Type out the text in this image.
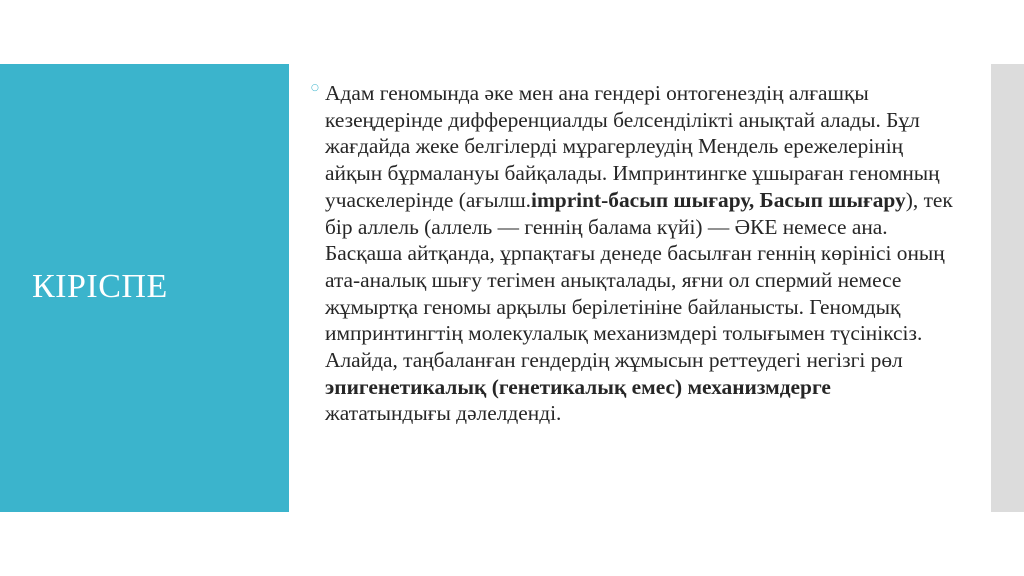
КІРІСПЕ
○ Адам геномында әке мен ана гендері онтогенездің алғашқы кезеңдерінде дифференциалды белсенділікті анықтай алады. Бұл жағдайда жеке белгілерді мұрагерлеудің Мендель ережелерінің айқын бұрмалануы байқалады. Импринтингке ұшыраған геномның учаскелерінде (ағылш.imprint-басып шығару, Басып шығару), тек бір аллель (аллель — геннің балама күйі) — ӘКЕ немесе ана. Басқаша айтқанда, ұрпақтағы денеде басылған геннің көрінісі оның ата-аналық шығу тегімен анықталады, яғни ол спермий немесе жұмыртқа геномы арқылы берілетініне байланысты. Геномдық импринтингтің молекулалық механизмдері толығымен түсініксіз. Алайда, таңбаланған гендердің жұмысын реттеудегі негізгі рөл эпигенетикалық (генетикалық емес) механизмдерге жататындығы дәлелденді.
